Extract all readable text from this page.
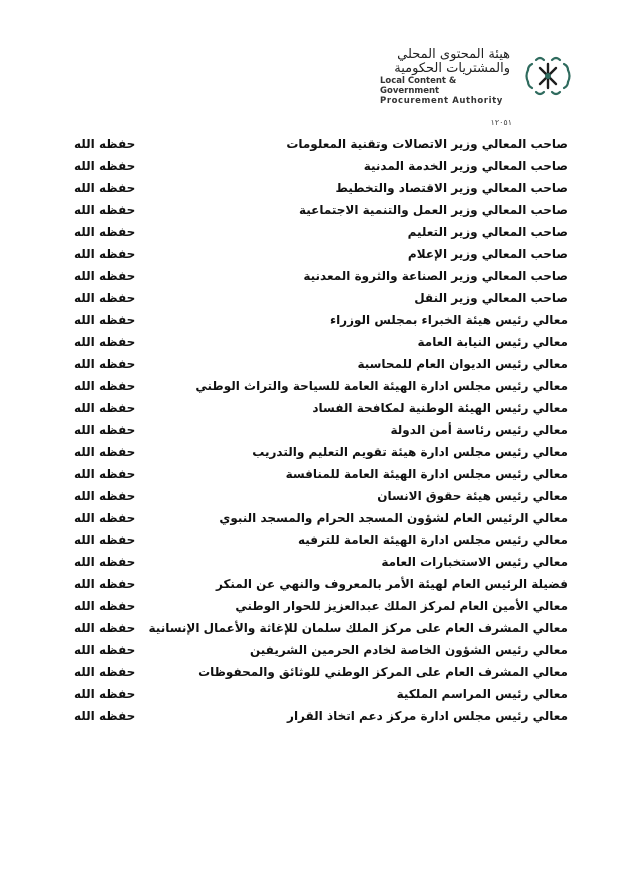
هيئة المحتوى المحلي
والمشتريات الحكومية
Local Content & Government
Procurement Authority
١٢٠٥١
صاحب المعالي وزير الاتصالات وتقنية المعلومات
حفظه الله
صاحب المعالي وزير الخدمة المدنية
حفظه الله
صاحب المعالي وزير الاقتصاد والتخطيط
حفظه الله
صاحب المعالي وزير العمل والتنمية الاجتماعية
حفظه الله
صاحب المعالي وزير التعليم
حفظه الله
صاحب المعالي وزير الإعلام
حفظه الله
صاحب المعالي وزير الصناعة والثروة المعدنية
حفظه الله
صاحب المعالي وزير النقل
حفظه الله
معالي رئيس هيئة الخبراء بمجلس الوزراء
حفظه الله
معالي رئيس النيابة العامة
حفظه الله
معالي رئيس الديوان العام للمحاسبة
حفظه الله
معالي رئيس مجلس ادارة الهيئة العامة للسياحة والتراث الوطني
حفظه الله
معالي رئيس الهيئة الوطنية لمكافحة الفساد
حفظه الله
معالي رئيس رئاسة أمن الدولة
حفظه الله
معالي رئيس مجلس ادارة هيئة تقويم التعليم والتدريب
حفظه الله
معالي رئيس مجلس ادارة الهيئة العامة للمنافسة
حفظه الله
معالي رئيس هيئة حقوق الانسان
حفظه الله
معالي الرئيس العام لشؤون المسجد الحرام والمسجد النبوي
حفظه الله
معالي رئيس مجلس ادارة الهيئة العامة للترفيه
حفظه الله
معالي رئيس الاستخبارات العامة
حفظه الله
فضيلة الرئيس العام لهيئة الأمر بالمعروف والنهي عن المنكر
حفظه الله
معالي الأمين العام لمركز الملك عبدالعزيز للحوار الوطني
حفظه الله
معالي المشرف العام على مركز الملك سلمان للإغاثة والأعمال الإنسانية
حفظه الله
معالي رئيس الشؤون الخاصة لخادم الحرمين الشريفين
حفظه الله
معالي المشرف العام على المركز الوطني للوثائق والمحفوظات
حفظه الله
معالي رئيس المراسم الملكية
حفظه الله
معالي رئيس مجلس ادارة مركز دعم اتخاذ القرار
حفظه الله
